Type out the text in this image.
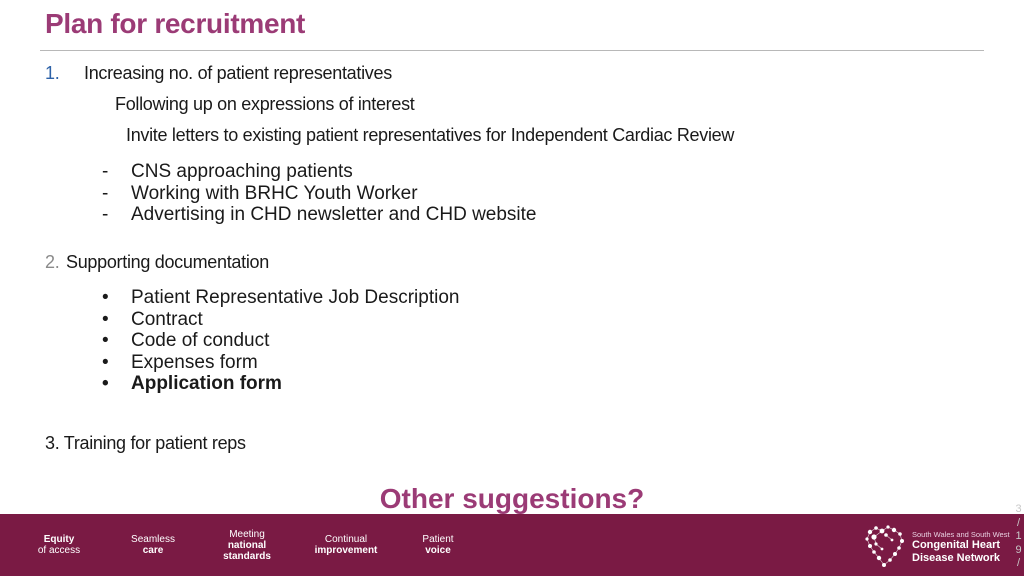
Plan for recruitment
1. Increasing no. of patient representatives
Following up on expressions of interest
Invite letters to existing patient representatives for Independent Cardiac Review
- CNS approaching patients
- Working with BRHC Youth Worker
- Advertising in CHD newsletter and CHD website
2. Supporting documentation
• Patient Representative Job Description
• Contract
• Code of conduct
• Expenses form
• Application form
3. Training for patient reps
Other suggestions?
Equity
of access
Seamless
care
Meeting
national
standards
Continual
improvement
Patient
voice
South Wales and South West
Congenital Heart
Disease Network
3
/
1
9
/
